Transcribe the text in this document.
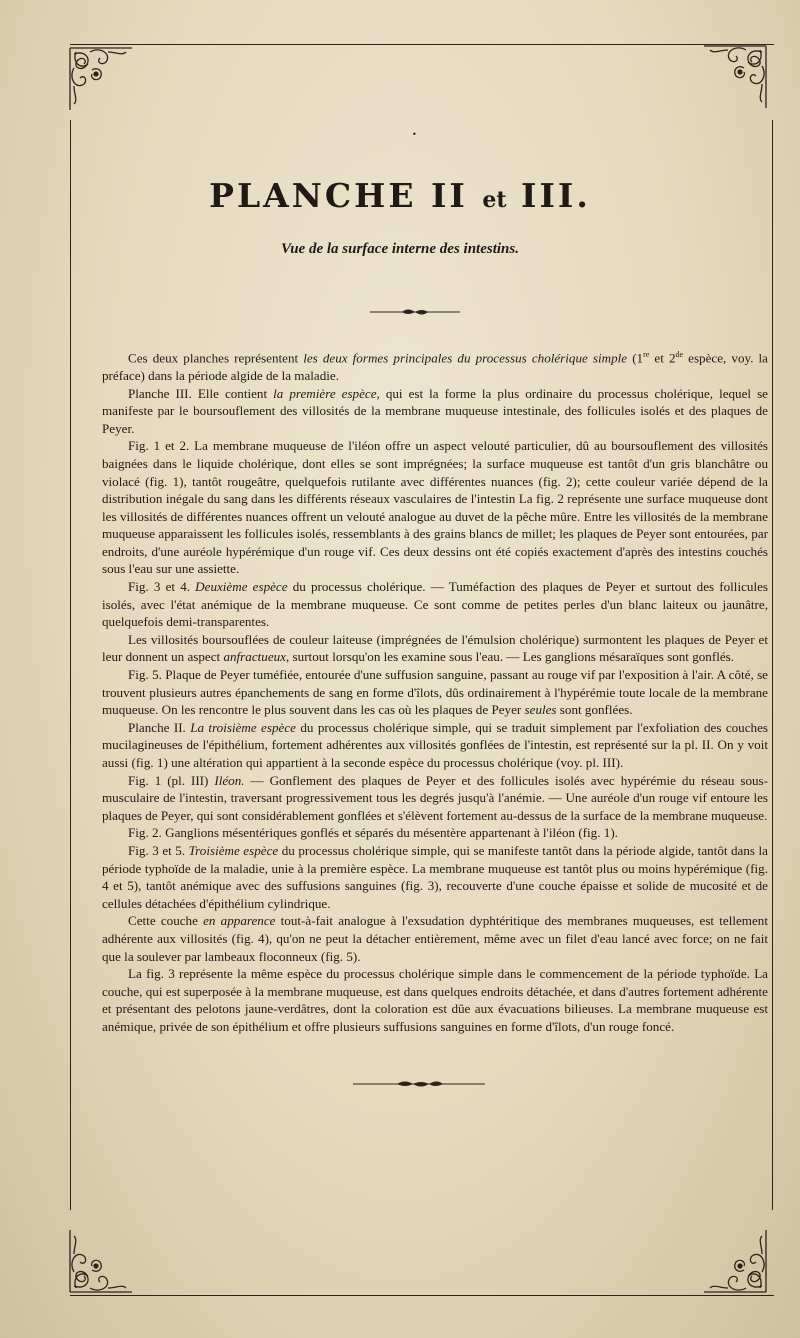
•
PLANCHE II et III.
Vue de la surface interne des intestins.

Ces deux planches représentent les deux formes principales du processus cholérique simple (1re et 2de espèce, voy. la préface) dans la période algide de la maladie.

Planche III. Elle contient la première espèce, qui est la forme la plus ordinaire du processus cholérique, lequel se manifeste par le boursouflement des villosités de la membrane muqueuse intestinale, des follicules isolés et des plaques de Peyer.

Fig. 1 et 2. La membrane muqueuse de l'iléon offre un aspect velouté particulier, dû au boursouflement des villosités baignées dans le liquide cholérique, dont elles se sont imprégnées; la surface muqueuse est tantôt d'un gris blanchâtre ou violacé (fig. 1), tantôt rougeâtre, quelquefois rutilante avec différentes nuances (fig. 2); cette couleur variée dépend de la distribution inégale du sang dans les différents réseaux vasculaires de l'intestin La fig. 2 représente une surface muqueuse dont les villosités de différentes nuances offrent un velouté analogue au duvet de la pêche mûre. Entre les villosités de la membrane muqueuse apparaissent les follicules isolés, ressemblants à des grains blancs de millet; les plaques de Peyer sont entourées, par endroits, d'une auréole hypérémique d'un rouge vif. Ces deux dessins ont été copiés exactement d'après des intestins couchés sous l'eau sur une assiette.

Fig. 3 et 4. Deuxième espèce du processus cholérique. — Tuméfaction des plaques de Peyer et surtout des follicules isolés, avec l'état anémique de la membrane muqueuse. Ce sont comme de petites perles d'un blanc laiteux ou jaunâtre, quelquefois demi-transparentes.

Les villosités boursouflées de couleur laiteuse (imprégnées de l'émulsion cholérique) surmontent les plaques de Peyer et leur donnent un aspect anfractueux, surtout lorsqu'on les examine sous l'eau. — Les ganglions mésaraïques sont gonflés.

Fig. 5. Plaque de Peyer tuméfiée, entourée d'une suffusion sanguine, passant au rouge vif par l'exposition à l'air. A côté, se trouvent plusieurs autres épanchements de sang en forme d'îlots, dûs ordinairement à l'hypérémie toute locale de la membrane muqueuse. On les rencontre le plus souvent dans les cas où les plaques de Peyer seules sont gonflées.

Planche II. La troisième espèce du processus cholérique simple, qui se traduit simplement par l'exfoliation des couches mucilagineuses de l'épithélium, fortement adhérentes aux villosités gonflées de l'intestin, est représenté sur la pl. II. On y voit aussi (fig. 1) une altération qui appartient à la seconde espèce du processus cholérique (voy. pl. III).

Fig. 1 (pl. III) Iléon. — Gonflement des plaques de Peyer et des follicules isolés avec hypérémie du réseau sous-musculaire de l'intestin, traversant progressivement tous les degrés jusqu'à l'anémie. — Une auréole d'un rouge vif entoure les plaques de Peyer, qui sont considérablement gonflées et s'élèvent fortement au-dessus de la surface de la membrane muqueuse.

Fig. 2. Ganglions mésentériques gonflés et séparés du mésentère appartenant à l'iléon (fig. 1).

Fig. 3 et 5. Troisième espèce du processus cholérique simple, qui se manifeste tantôt dans la période algide, tantôt dans la période typhoïde de la maladie, unie à la première espèce. La membrane muqueuse est tantôt plus ou moins hypérémique (fig. 4 et 5), tantôt anémique avec des suffusions sanguines (fig. 3), recouverte d'une couche épaisse et solide de mucosité et de cellules détachées d'épithélium cylindrique.

Cette couche en apparence tout-à-fait analogue à l'exsudation dyphtéritique des membranes muqueuses, est tellement adhérente aux villosités (fig. 4), qu'on ne peut la détacher entièrement, même avec un filet d'eau lancé avec force; on ne fait que la soulever par lambeaux floconneux (fig. 5).

La fig. 3 représente la même espèce du processus cholérique simple dans le commencement de la période typhoïde. La couche, qui est superposée à la membrane muqueuse, est dans quelques endroits détachée, et dans d'autres fortement adhérente et présentant des pelotons jaune-verdâtres, dont la coloration est dûe aux évacuations bilieuses. La membrane muqueuse est anémique, privée de son épithélium et offre plusieurs suffusions sanguines en forme d'îlots, d'un rouge foncé.
